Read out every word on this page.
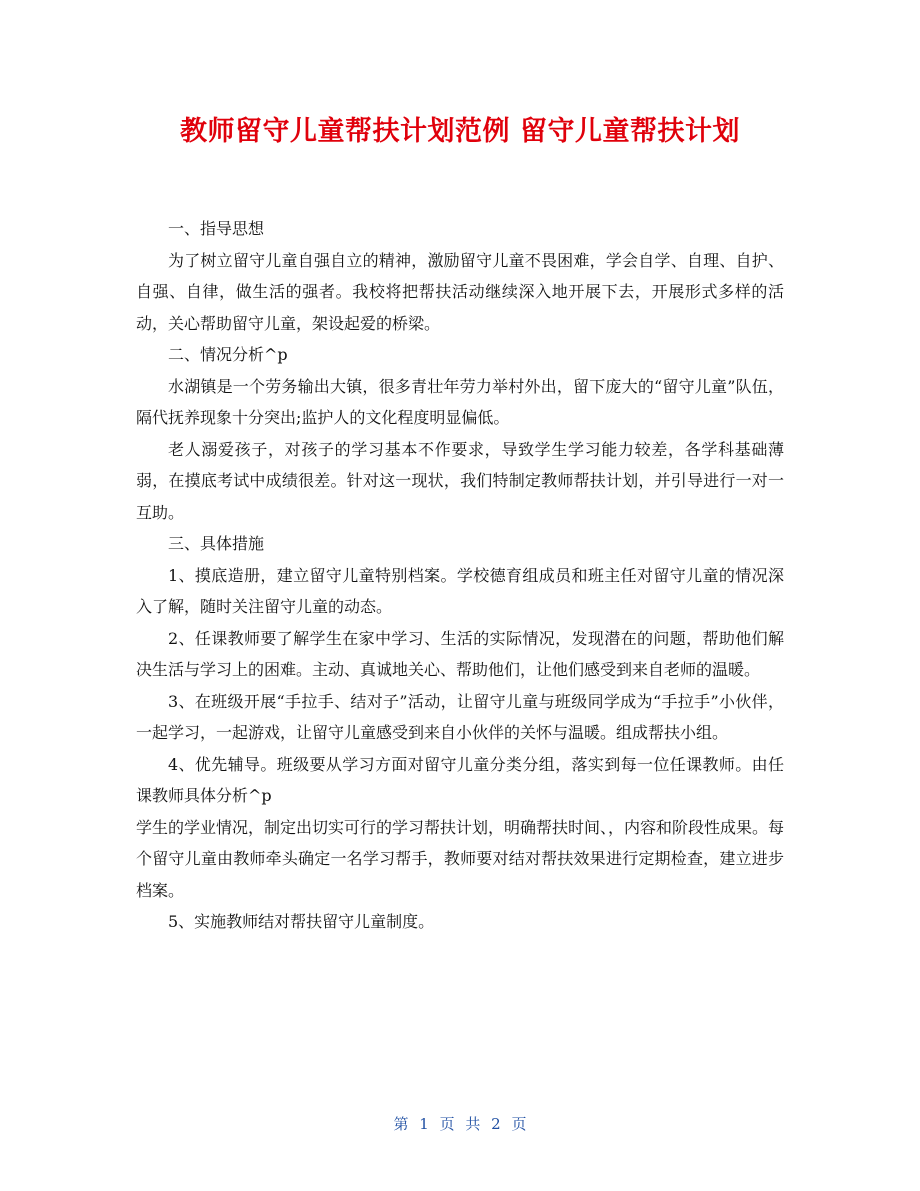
教师留守儿童帮扶计划范例 留守儿童帮扶计划

一、指导思想

为了树立留守儿童自强自立的精神，激励留守儿童不畏困难，学会自学、自理、自护、自强、自律，做生活的强者。我校将把帮扶活动继续深入地开展下去，开展形式多样的活动，关心帮助留守儿童，架设起爱的桥梁。

二、情况分析^p

水湖镇是一个劳务输出大镇，很多青壮年劳力举村外出，留下庞大的“留守儿童”队伍，隔代抚养现象十分突出;监护人的文化程度明显偏低。

老人溺爱孩子，对孩子的学习基本不作要求，导致学生学习能力较差，各学科基础薄弱，在摸底考试中成绩很差。针对这一现状，我们特制定教师帮扶计划，并引导进行一对一互助。

三、具体措施

1、摸底造册，建立留守儿童特别档案。学校德育组成员和班主任对留守儿童的情况深入了解，随时关注留守儿童的动态。

2、任课教师要了解学生在家中学习、生活的实际情况，发现潜在的问题，帮助他们解决生活与学习上的困难。主动、真诚地关心、帮助他们，让他们感受到来自老师的温暖。

3、在班级开展“手拉手、结对子”活动，让留守儿童与班级同学成为“手拉手”小伙伴，一起学习，一起游戏，让留守儿童感受到来自小伙伴的关怀与温暖。组成帮扶小组。

4、优先辅导。班级要从学习方面对留守儿童分类分组，落实到每一位任课教师。由任课教师具体分析^p

学生的学业情况，制定出切实可行的学习帮扶计划，明确帮扶时间、，内容和阶段性成果。每个留守儿童由教师牵头确定一名学习帮手，教师要对结对帮扶效果进行定期检查，建立进步档案。

5、实施教师结对帮扶留守儿童制度。

第 1 页 共 2 页
